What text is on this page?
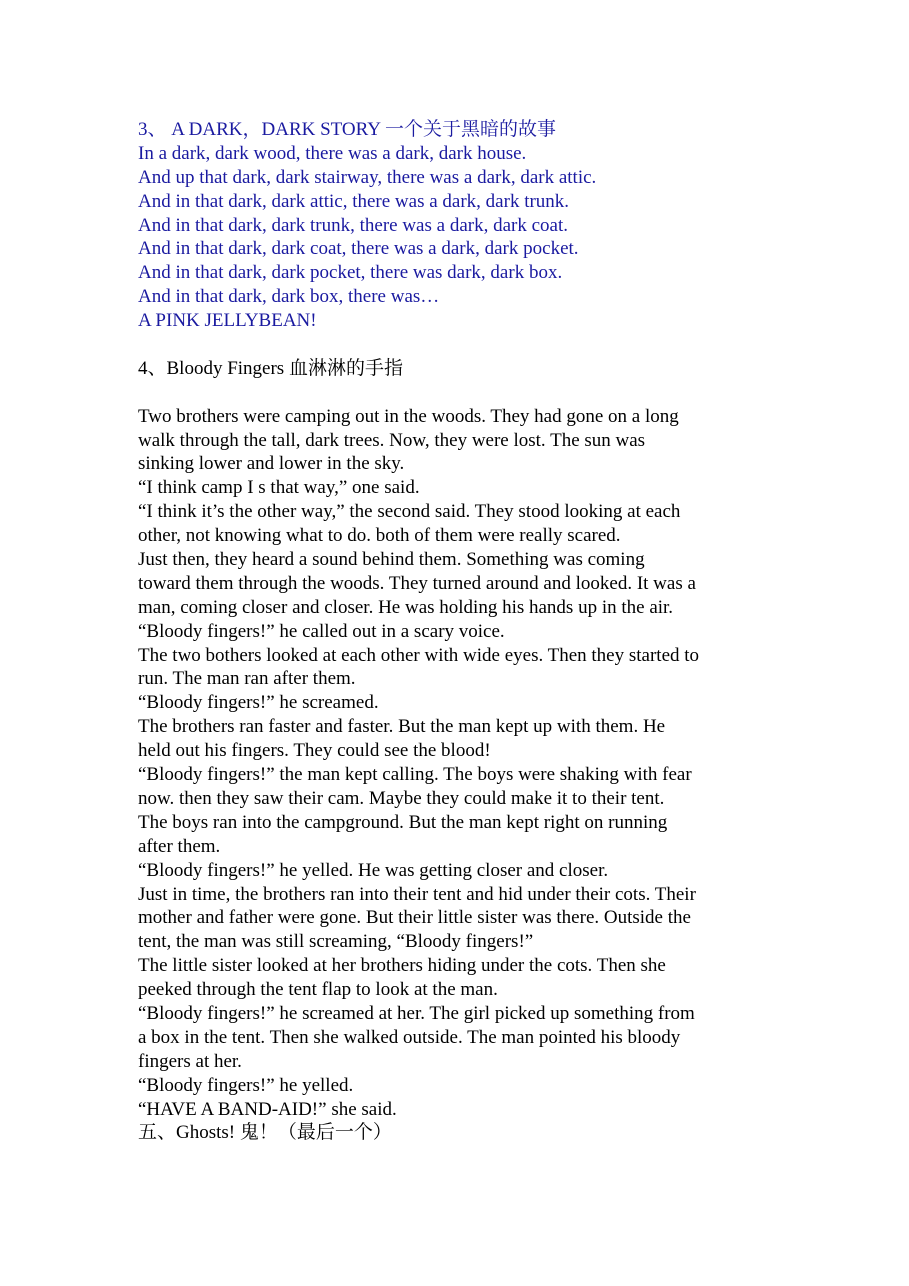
3、 A DARK，DARK STORY 一个关于黑暗的故事
In a dark, dark wood, there was a dark, dark house.
And up that dark, dark stairway, there was a dark, dark attic.
And in that dark, dark attic, there was a dark, dark trunk.
And in that dark, dark trunk, there was a dark, dark coat.
And in that dark, dark coat, there was a dark, dark pocket.
And in that dark, dark pocket, there was dark, dark box.
And in that dark, dark box, there was…
A PINK JELLYBEAN!
4、Bloody Fingers 血淋淋的手指
Two brothers were camping out in the woods. They had gone on a long
walk through the tall, dark trees. Now, they were lost. The sun was
sinking lower and lower in the sky.
“I think camp I s that way,” one said.
“I think it’s the other way,” the second said. They stood looking at each
other, not knowing what to do. both of them were really scared.
Just then, they heard a sound behind them. Something was coming
toward them through the woods. They turned around and looked. It was a
man, coming closer and closer. He was holding his hands up in the air.
“Bloody fingers!” he called out in a scary voice.
The two bothers looked at each other with wide eyes. Then they started to
run. The man ran after them.
“Bloody fingers!” he screamed.
The brothers ran faster and faster. But the man kept up with them. He
held out his fingers. They could see the blood!
“Bloody fingers!” the man kept calling. The boys were shaking with fear
now. then they saw their cam. Maybe they could make it to their tent.
The boys ran into the campground. But the man kept right on running
after them.
“Bloody fingers!” he yelled. He was getting closer and closer.
Just in time, the brothers ran into their tent and hid under their cots. Their
mother and father were gone. But their little sister was there. Outside the
tent, the man was still screaming, “Bloody fingers!”
The little sister looked at her brothers hiding under the cots. Then she
peeked through the tent flap to look at the man.
“Bloody fingers!” he screamed at her. The girl picked up something from
a box in the tent. Then she walked outside. The man pointed his bloody
fingers at her.
“Bloody fingers!” he yelled.
“HAVE A BAND-AID!” she said.
五、Ghosts! 鬼！（最后一个）
